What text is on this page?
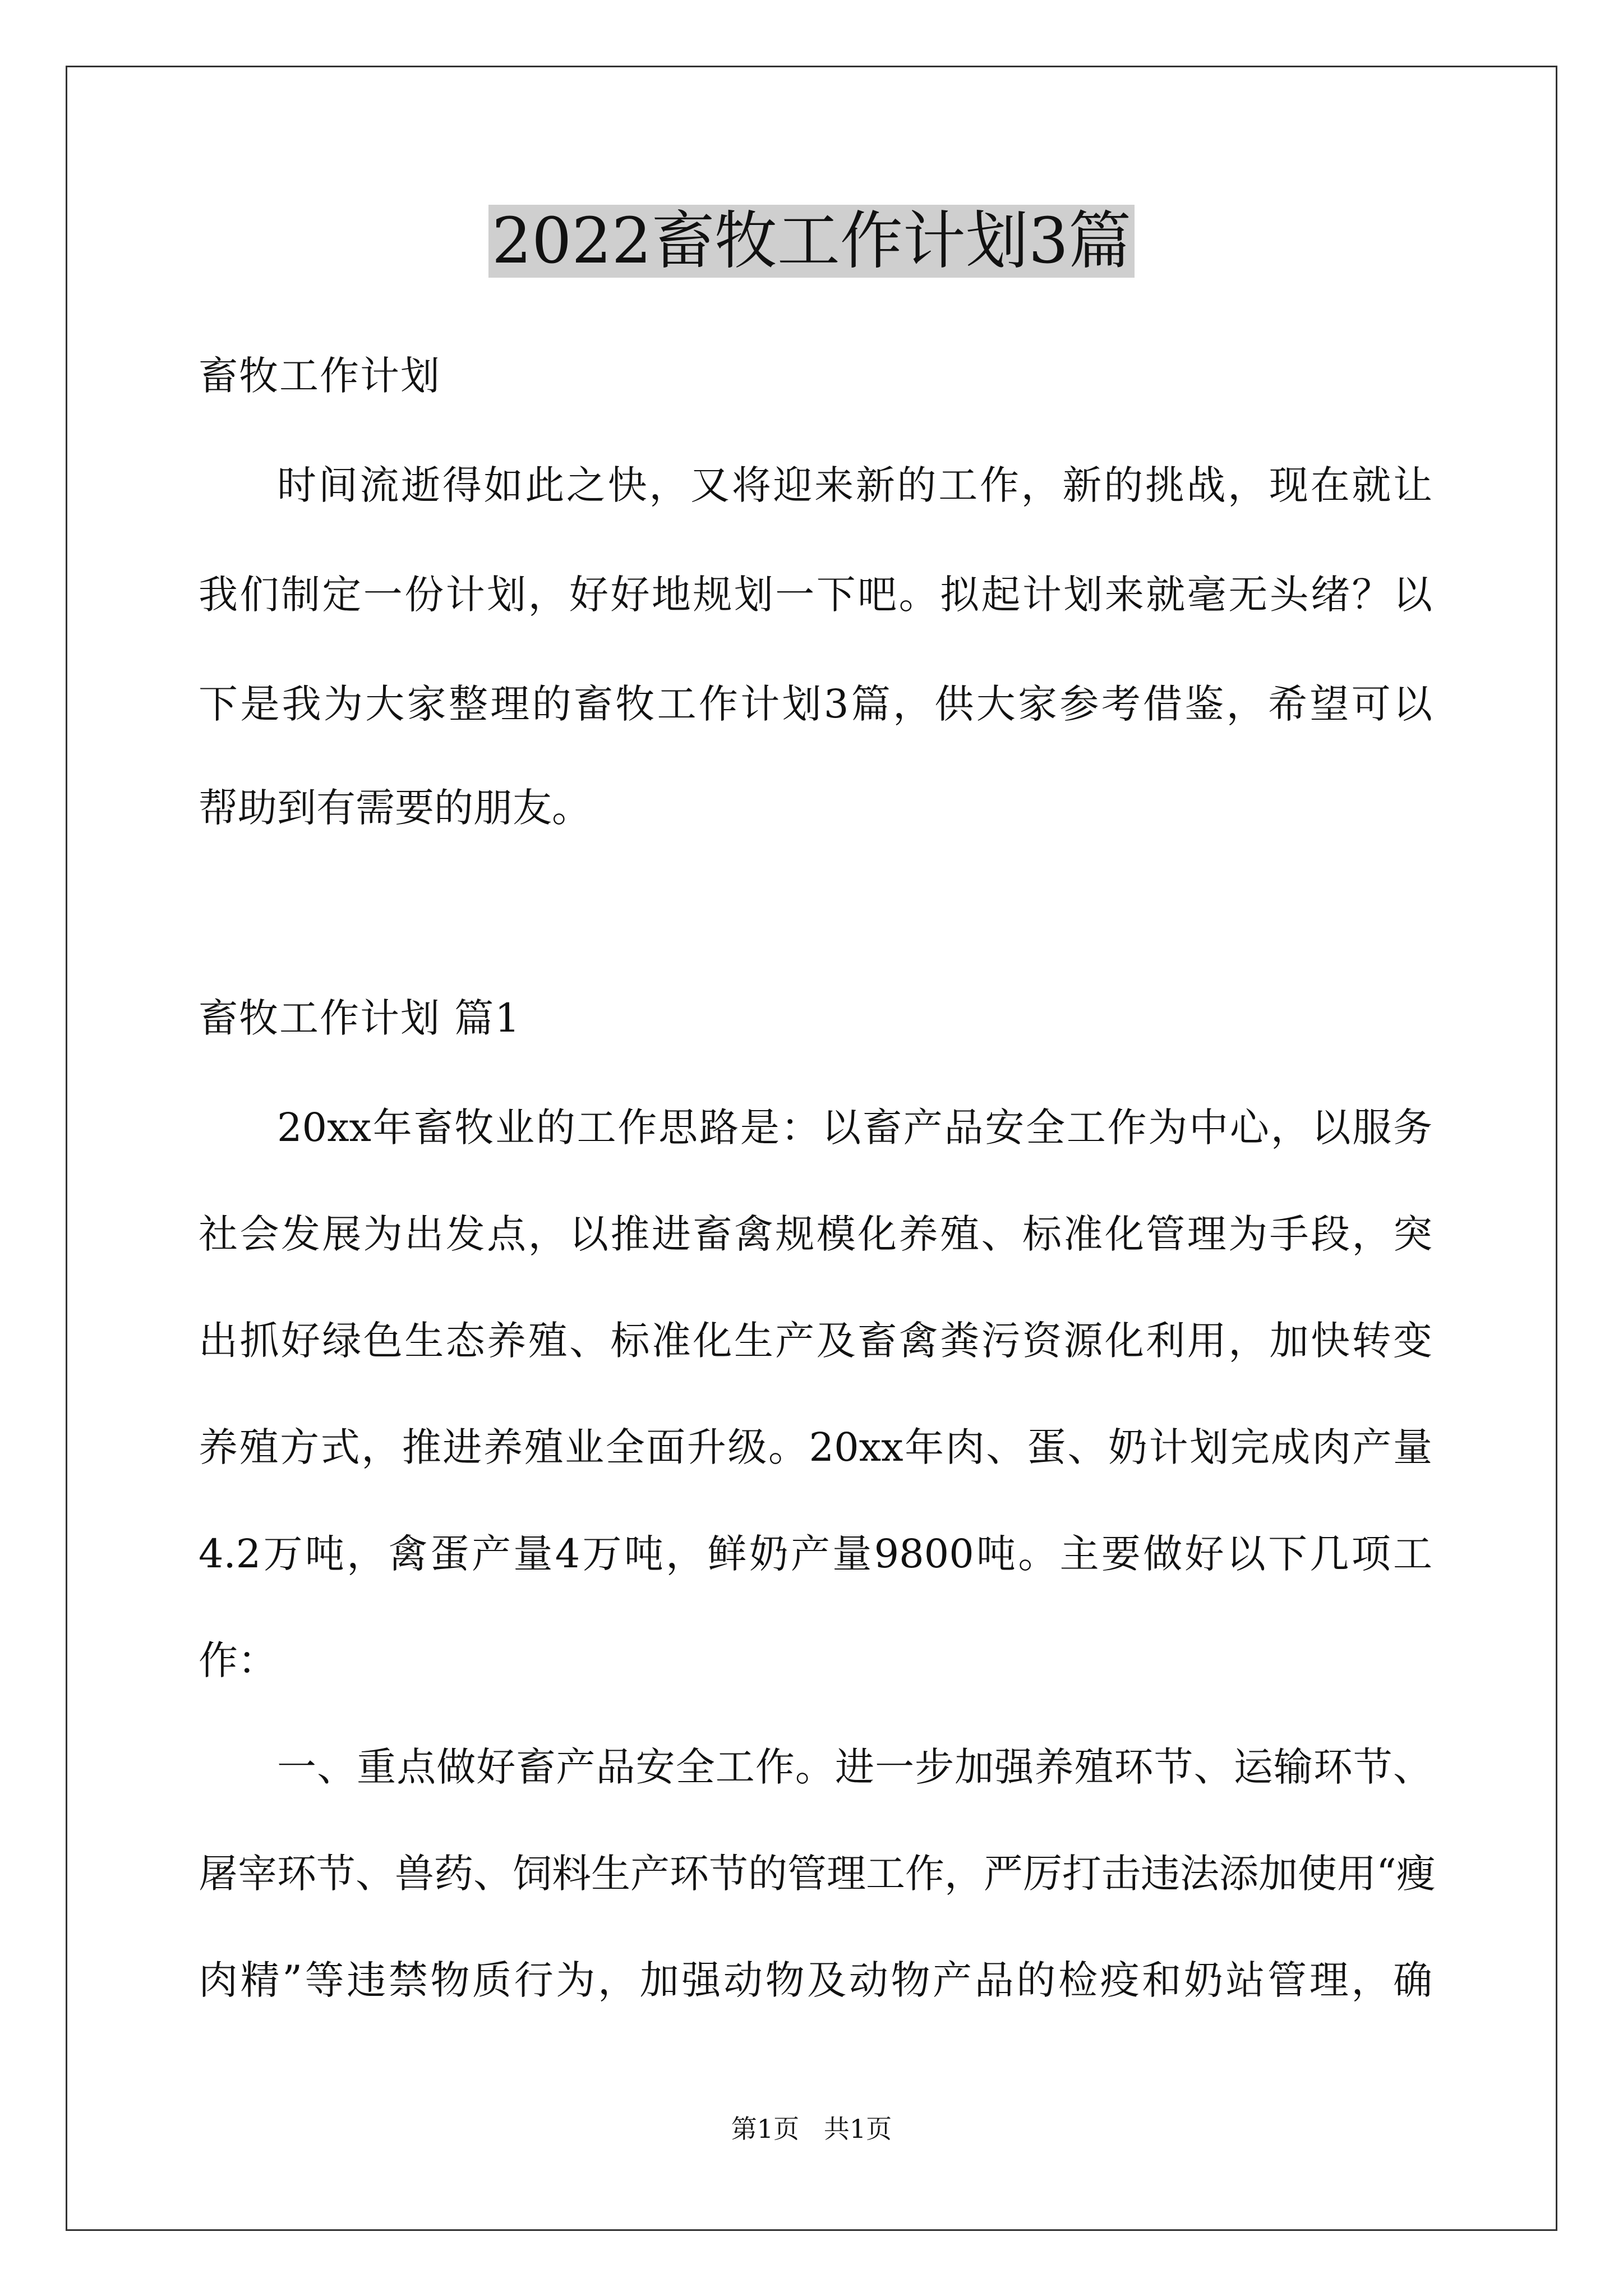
2022畜牧工作计划3篇
畜牧工作计划
时间流逝得如此之快，又将迎来新的工作，新的挑战，现在就让
我们制定一份计划，好好地规划一下吧。拟起计划来就毫无头绪？以
下是我为大家整理的畜牧工作计划3篇，供大家参考借鉴，希望可以
帮助到有需要的朋友。
畜牧工作计划 篇1
20xx年畜牧业的工作思路是：以畜产品安全工作为中心，以服务
社会发展为出发点，以推进畜禽规模化养殖、标准化管理为手段，突
出抓好绿色生态养殖、标准化生产及畜禽粪污资源化利用，加快转变
养殖方式，推进养殖业全面升级。20xx年肉、蛋、奶计划完成肉产量
4.2万吨，禽蛋产量4万吨，鲜奶产量9800吨。主要做好以下几项工
作：
一、重点做好畜产品安全工作。进一步加强养殖环节、运输环节、
屠宰环节、兽药、饲料生产环节的管理工作，严厉打击违法添加使用“瘦
肉精”等违禁物质行为，加强动物及动物产品的检疫和奶站管理，确
第1页   共1页
